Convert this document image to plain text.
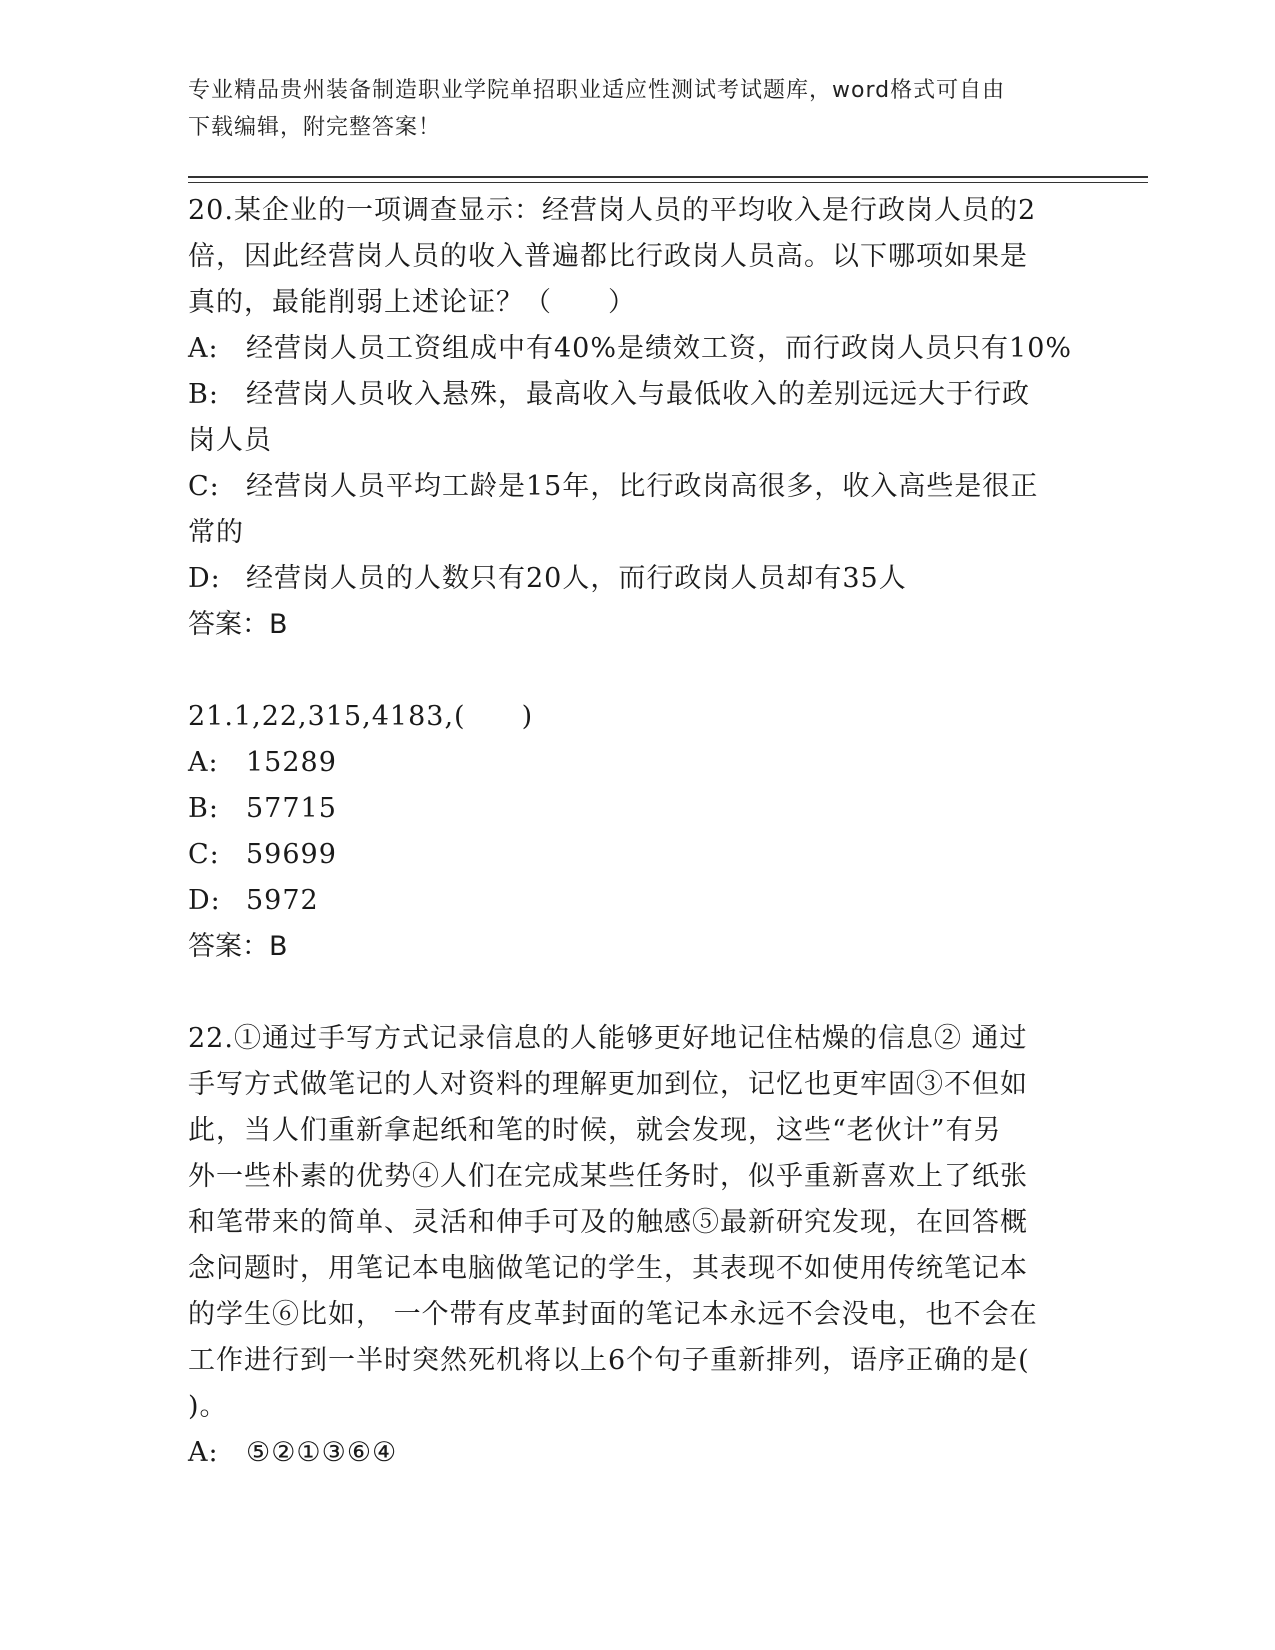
专业精品贵州装备制造职业学院单招职业适应性测试考试题库，word格式可自由
下载编辑，附完整答案！
20.某企业的一项调查显示：经营岗人员的平均收入是行政岗人员的2
倍，因此经营岗人员的收入普遍都比行政岗人员高。以下哪项如果是
真的，最能削弱上述论证？（　　）
A:	经营岗人员工资组成中有40%是绩效工资，而行政岗人员只有10%
B:	经营岗人员收入悬殊，最高收入与最低收入的差别远远大于行政
岗人员
C: 经营岗人员平均工龄是15年，比行政岗高很多，收入高些是很正
常的
D: 经营岗人员的人数只有20人，而行政岗人员却有35人
答案：B
21.1,22,315,4183,(　　)
A:	15289
B:	57715
C: 59699
D: 5972
答案：B
22.①通过手写方式记录信息的人能够更好地记住枯燥的信息② 通过
手写方式做笔记的人对资料的理解更加到位，记忆也更牢固③不但如
此，当人们重新拿起纸和笔的时候，就会发现，这些“老伙计”有另
外一些朴素的优势④人们在完成某些任务时，似乎重新喜欢上了纸张
和笔带来的简单、灵活和伸手可及的触感⑤最新研究发现，在回答概
念问题时，用笔记本电脑做笔记的学生，其表现不如使用传统笔记本
的学生⑥比如， 一个带有皮革封面的笔记本永远不会没电，也不会在
工作进行到一半时突然死机将以上6个句子重新排列，语序正确的是(
)。
A:	⑤②①③⑥④
